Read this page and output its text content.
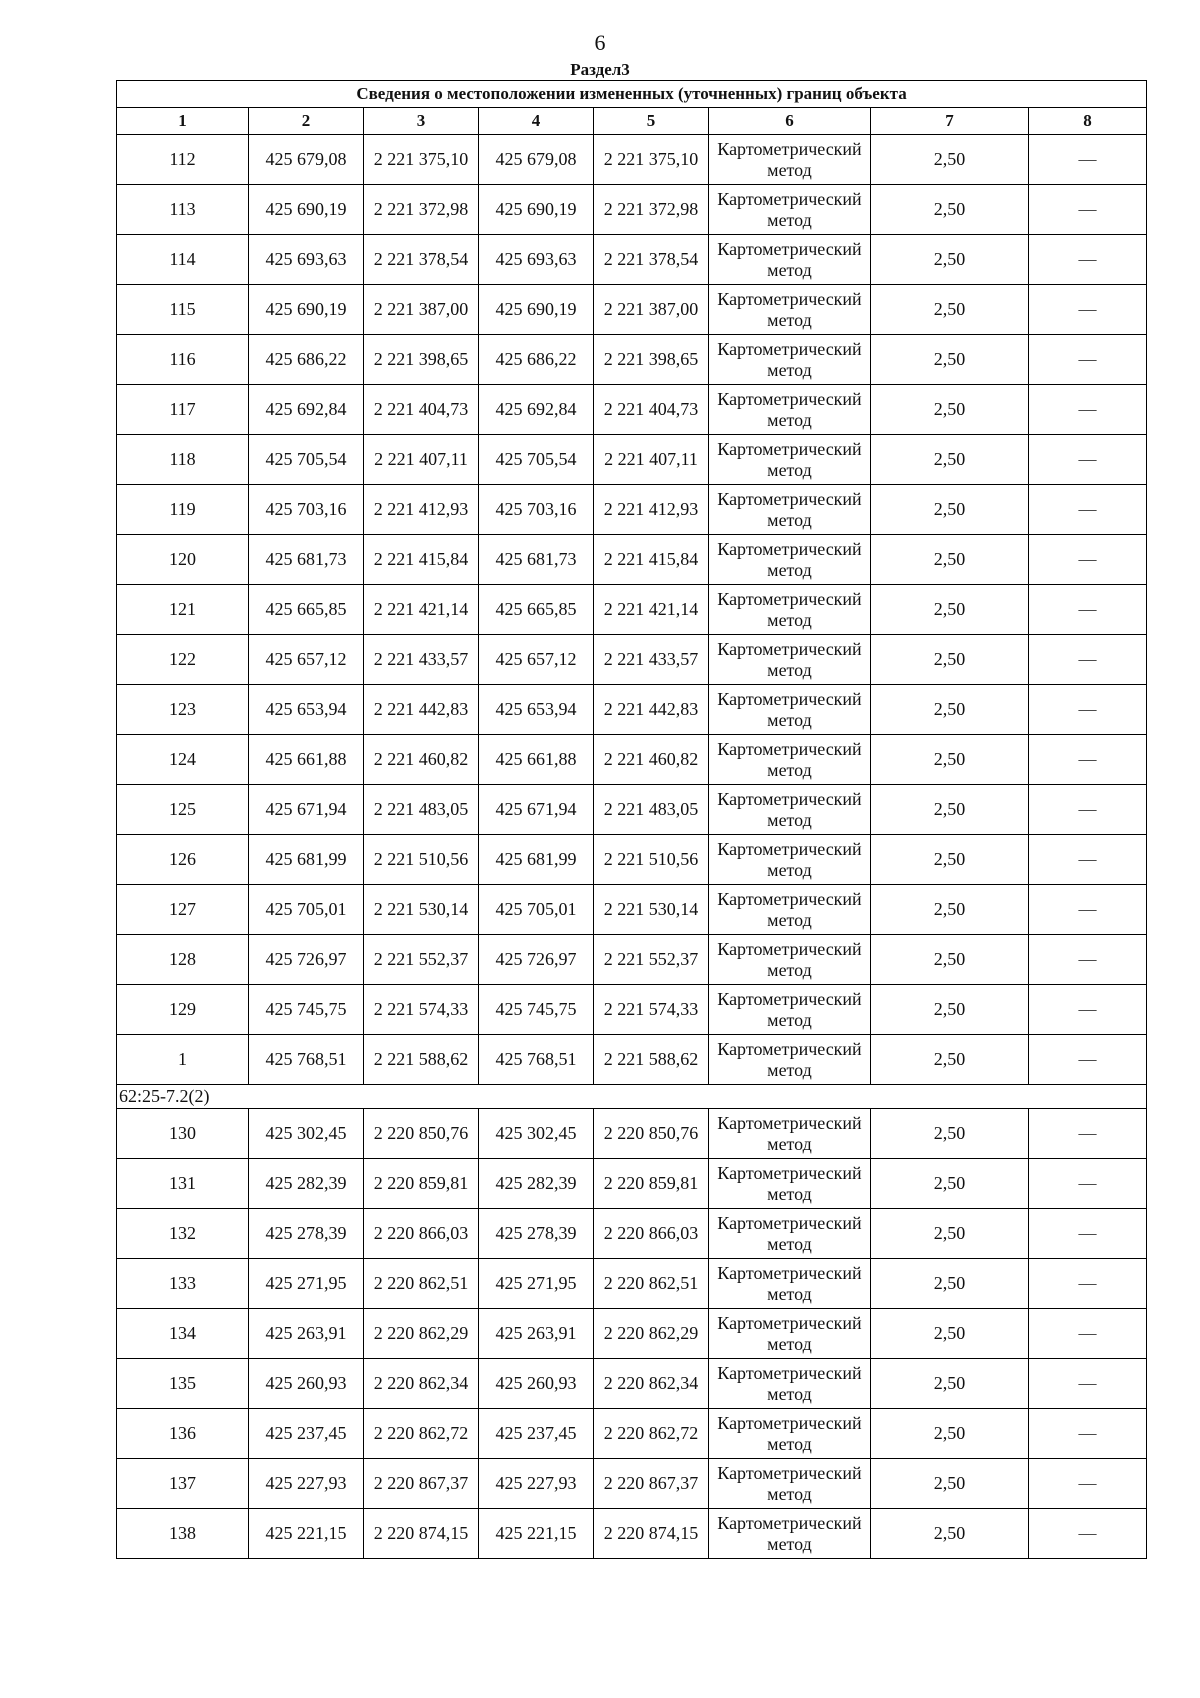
6
Раздел3
Сведения о местоположении измененных (уточненных) границ объекта							
1	2	3	4	5	6	7	8
112	425 679,08	2 221 375,10	425 679,08	2 221 375,10	Картометрический метод	2,50	—
113	425 690,19	2 221 372,98	425 690,19	2 221 372,98	Картометрический метод	2,50	—
114	425 693,63	2 221 378,54	425 693,63	2 221 378,54	Картометрический метод	2,50	—
115	425 690,19	2 221 387,00	425 690,19	2 221 387,00	Картометрический метод	2,50	—
116	425 686,22	2 221 398,65	425 686,22	2 221 398,65	Картометрический метод	2,50	—
117	425 692,84	2 221 404,73	425 692,84	2 221 404,73	Картометрический метод	2,50	—
118	425 705,54	2 221 407,11	425 705,54	2 221 407,11	Картометрический метод	2,50	—
119	425 703,16	2 221 412,93	425 703,16	2 221 412,93	Картометрический метод	2,50	—
120	425 681,73	2 221 415,84	425 681,73	2 221 415,84	Картометрический метод	2,50	—
121	425 665,85	2 221 421,14	425 665,85	2 221 421,14	Картометрический метод	2,50	—
122	425 657,12	2 221 433,57	425 657,12	2 221 433,57	Картометрический метод	2,50	—
123	425 653,94	2 221 442,83	425 653,94	2 221 442,83	Картометрический метод	2,50	—
124	425 661,88	2 221 460,82	425 661,88	2 221 460,82	Картометрический метод	2,50	—
125	425 671,94	2 221 483,05	425 671,94	2 221 483,05	Картометрический метод	2,50	—
126	425 681,99	2 221 510,56	425 681,99	2 221 510,56	Картометрический метод	2,50	—
127	425 705,01	2 221 530,14	425 705,01	2 221 530,14	Картометрический метод	2,50	—
128	425 726,97	2 221 552,37	425 726,97	2 221 552,37	Картометрический метод	2,50	—
129	425 745,75	2 221 574,33	425 745,75	2 221 574,33	Картометрический метод	2,50	—
1	425 768,51	2 221 588,62	425 768,51	2 221 588,62	Картометрический метод	2,50	—
62:25-7.2(2)							
130	425 302,45	2 220 850,76	425 302,45	2 220 850,76	Картометрический метод	2,50	—
131	425 282,39	2 220 859,81	425 282,39	2 220 859,81	Картометрический метод	2,50	—
132	425 278,39	2 220 866,03	425 278,39	2 220 866,03	Картометрический метод	2,50	—
133	425 271,95	2 220 862,51	425 271,95	2 220 862,51	Картометрический метод	2,50	—
134	425 263,91	2 220 862,29	425 263,91	2 220 862,29	Картометрический метод	2,50	—
135	425 260,93	2 220 862,34	425 260,93	2 220 862,34	Картометрический метод	2,50	—
136	425 237,45	2 220 862,72	425 237,45	2 220 862,72	Картометрический метод	2,50	—
137	425 227,93	2 220 867,37	425 227,93	2 220 867,37	Картометрический метод	2,50	—
138	425 221,15	2 220 874,15	425 221,15	2 220 874,15	Картометрический метод	2,50	—
